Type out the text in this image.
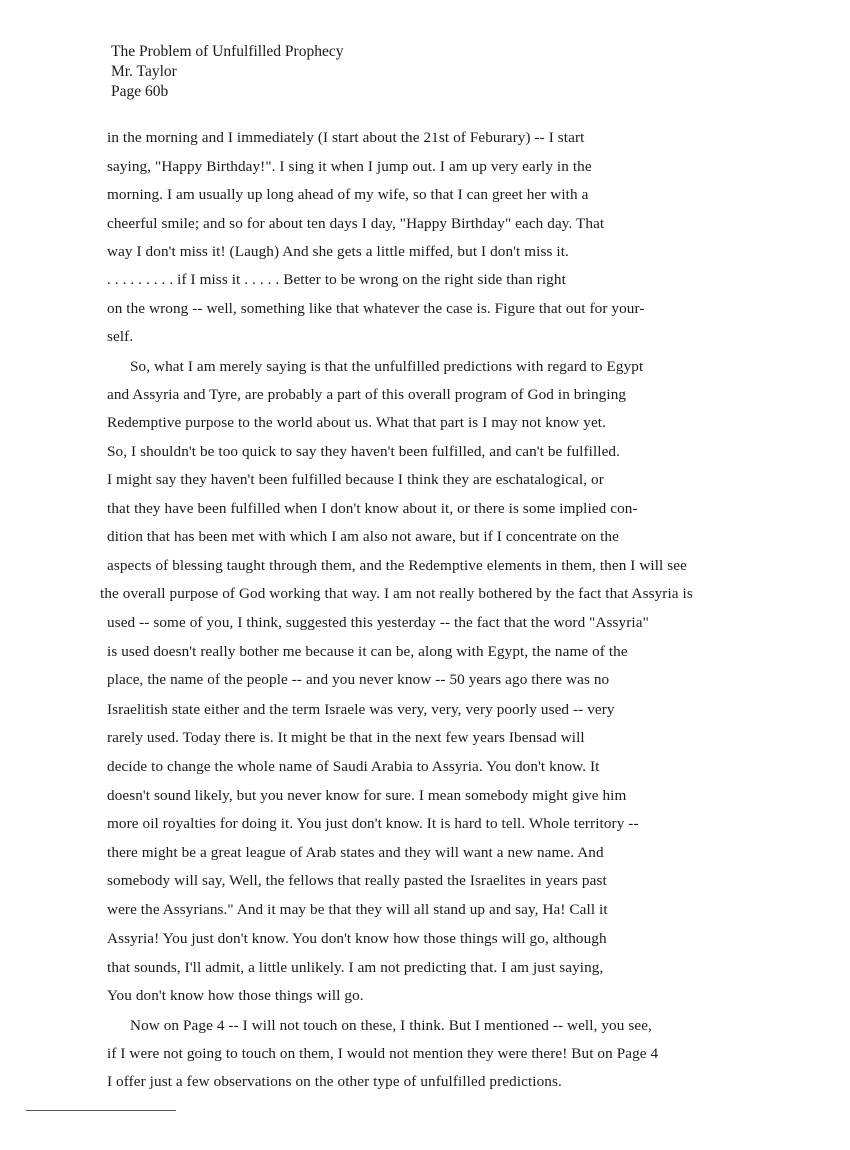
The Problem of Unfulfilled Prophecy
Mr. Taylor
Page 60b
in the morning and I immediately (I start about the 21st of Feburary) -- I start
saying, "Happy Birthday!". I sing it when I jump out. I am up very early in the
morning. I am usually up long ahead of my wife, so that I can greet her with a
cheerful smile; and so for about ten days I day, "Happy Birthday" each day. That
way I don't miss it! (Laugh) And she gets a little miffed, but I don't miss it.
. . . . . . . . . if I miss it . . . . . Better to be wrong on the right side than right
on the wrong -- well, something like that whatever the case is. Figure that out for your-
self.
So, what I am merely saying is that the unfulfilled predictions with regard to Egypt
and Assyria and Tyre, are probably a part of this overall program of God in bringing
Redemptive purpose to the world about us. What that part is I may not know yet.
So, I shouldn't be too quick to say they haven't been fulfilled, and can't be fulfilled.
I might say they haven't been fulfilled because I think they are eschatalogical, or
that they have been fulfilled when I don't know about it, or there is some implied con-
dition that has been met with which I am also not aware, but if I concentrate on the
aspects of blessing taught through them, and the Redemptive elements in them, then I will see
the overall purpose of God working that way. I am not really bothered by the fact that Assyria is
used -- some of you, I think, suggested this yesterday -- the fact that the word "Assyria"
is used doesn't really bother me because it can be, along with Egypt, the name of the
place, the name of the people -- and you never know -- 50 years ago there was no
Israelitish state either and the term Israele was very, very, very poorly used -- very
rarely used. Today there is. It might be that in the next few years Ibensad will
decide to change the whole name of Saudi Arabia to Assyria. You don't know. It
doesn't sound likely, but you never know for sure. I mean somebody might give him
more oil royalties for doing it. You just don't know. It is hard to tell. Whole territory --
there might be a great league of Arab states and they will want a new name. And
somebody will say, Well, the fellows that really pasted the Israelites in years past
were the Assyrians." And it may be that they will all stand up and say, Ha! Call it
Assyria! You just don't know. You don't know how those things will go, although
that sounds, I'll admit, a little unlikely. I am not predicting that. I am just saying,
You don't know how those things will go.
Now on Page 4 -- I will not touch on these, I think. But I mentioned -- well, you see,
if I were not going to touch on them, I would not mention they were there! But on Page 4
I offer just a few observations on the other type of unfulfilled predictions.
